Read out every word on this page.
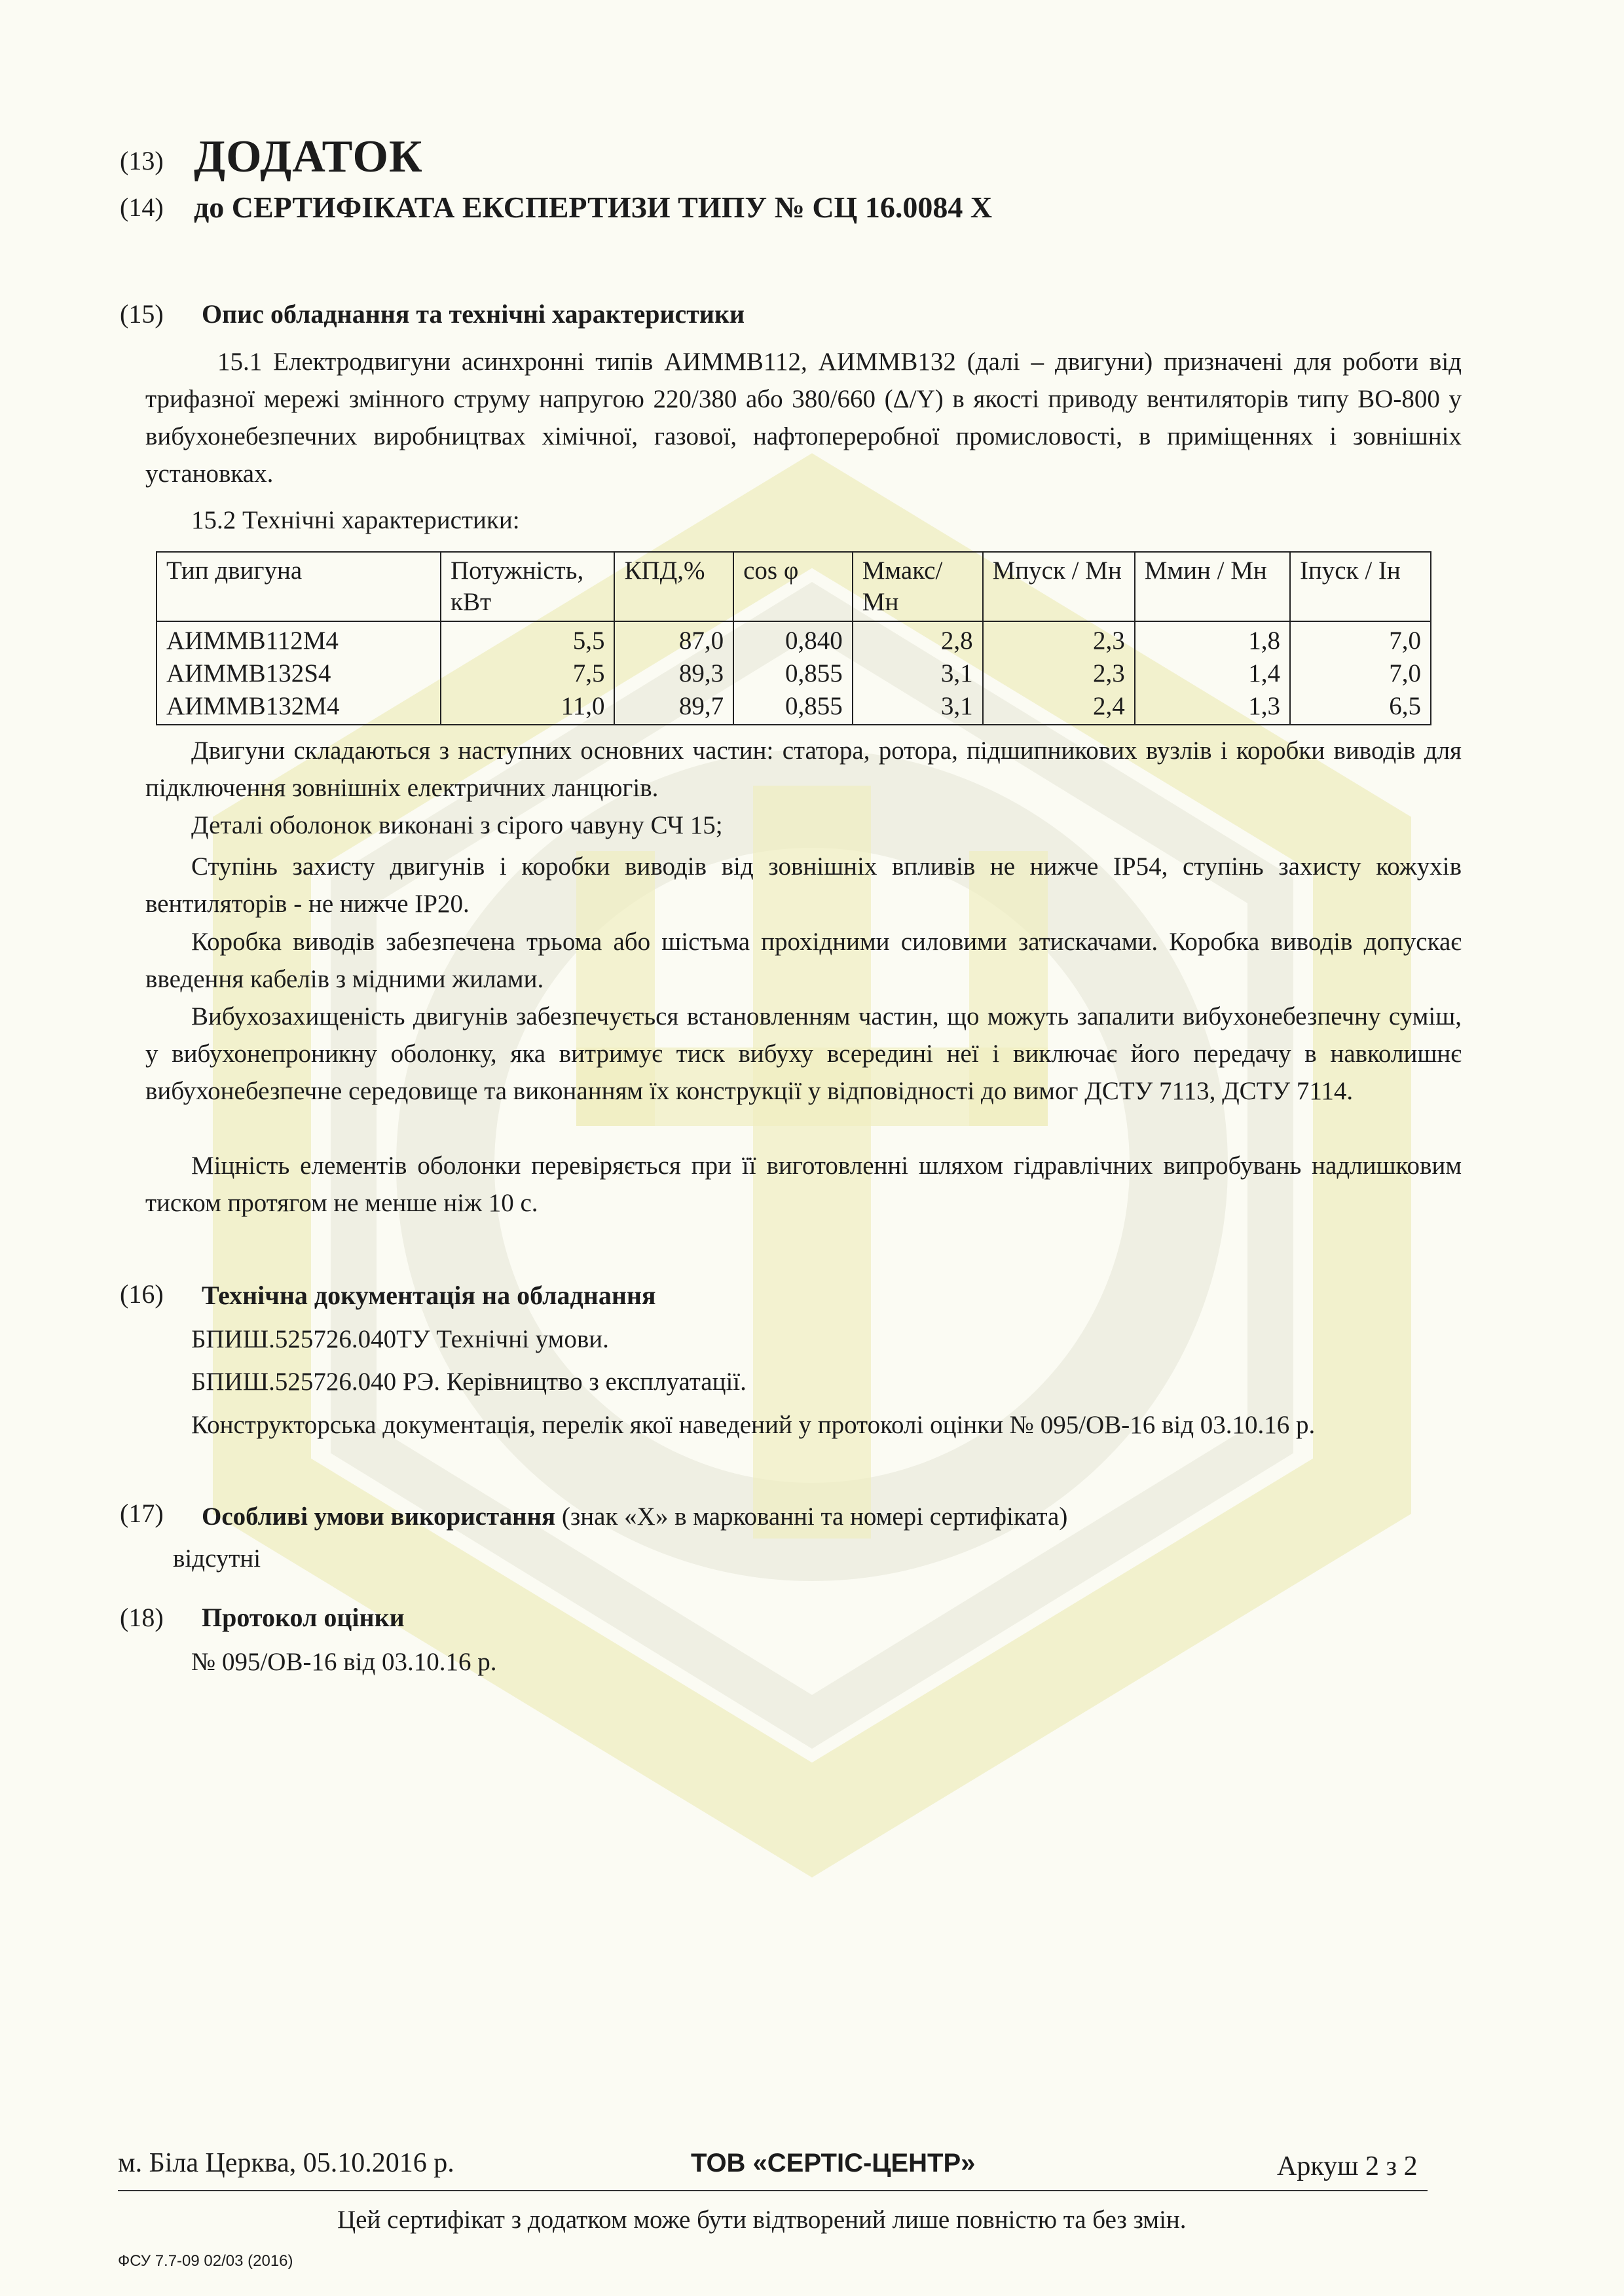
(13) ДОДАТОК
(14) до СЕРТИФІКАТА ЕКСПЕРТИЗИ ТИПУ № СЦ 16.0084 Х
(15) Опис обладнання та технічні характеристики

15.1 Електродвигуни асинхронні типів АИММВ112, АИММВ132 (далі – двигуни) призначені для роботи від трифазної мережі змінного струму напругою 220/380 або 380/660 (Δ/Y) в якості приводу вентиляторів типу ВО-800 у вибухонебезпечних виробництвах хімічної, газової, нафтопереробної промисловості, в приміщеннях і зовнішніх установках.

15.2 Технічні характеристики:

Тип двигуна	Потужність, кВт	КПД,%	cos φ	Ммакс/ Мн	Мпуск / Мн	Ммин / Мн	Iпуск / Iн
АИММВ112М4	5,5	87,0	0,840	2,8	2,3	1,8	7,0
АИММВ132S4	7,5	89,3	0,855	3,1	2,3	1,4	7,0
АИММВ132М4	11,0	89,7	0,855	3,1	2,4	1,3	6,5

Двигуни складаються з наступних основних частин: статора, ротора, підшипникових вузлів і коробки виводів для підключення зовнішніх електричних ланцюгів.

Деталі оболонок виконані з сірого чавуну СЧ 15;

Ступінь захисту двигунів і коробки виводів від зовнішніх впливів не нижче IP54, ступінь захисту кожухів вентиляторів - не нижче IP20.

Коробка виводів забезпечена трьома або шістьма прохідними силовими затискачами. Коробка виводів допускає введення кабелів з мідними жилами.

Вибухозахищеність двигунів забезпечується встановленням частин, що можуть запалити вибухонебезпечну суміш, у вибухонепроникну оболонку, яка витримує тиск вибуху всередині неї і виключає його передачу в навколишнє вибухонебезпечне середовище та виконанням їх конструкції у відповідності до вимог ДСТУ 7113, ДСТУ 7114.

Міцність елементів оболонки перевіряється при її виготовленні шляхом гідравлічних випробувань надлишковим тиском протягом не менше ніж 10 с.

(16) Технічна документація на обладнання

БПИШ.525726.040ТУ Технічні умови.

БПИШ.525726.040 РЭ. Керівництво з експлуатації.

Конструкторська документація, перелік якої наведений у протоколі оцінки № 095/ОВ-16 від 03.10.16 р.

(17) Особливі умови використання (знак «Х» в маркованні та номері сертифіката)

відсутні

(18) Протокол оцінки

№ 095/ОВ-16 від 03.10.16 р.

м. Біла Церква, 05.10.2016 р.	ТОВ «СЕРТІС-ЦЕНТР»	Аркуш 2 з 2
Цей сертифікат з додатком може бути відтворений лише повністю та без змін.
ФСУ 7.7-09 02/03 (2016)
